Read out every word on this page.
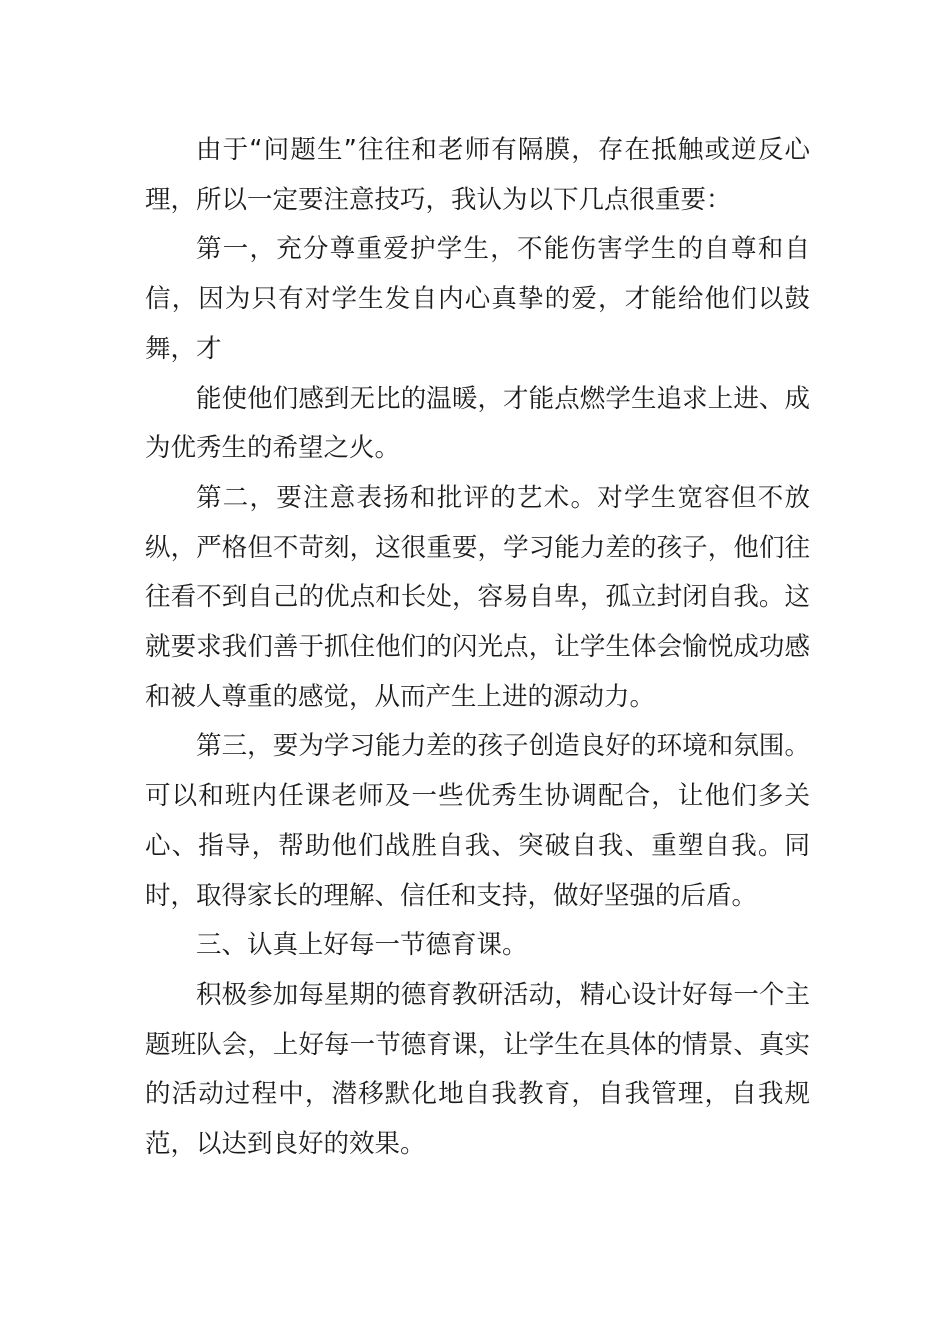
由于“问题生”往往和老师有隔膜，存在抵触或逆反心理，所以一定要注意技巧，我认为以下几点很重要：

第一，充分尊重爱护学生，不能伤害学生的自尊和自信，因为只有对学生发自内心真挚的爱，才能给他们以鼓舞，才

能使他们感到无比的温暖，才能点燃学生追求上进、成为优秀生的希望之火。

第二，要注意表扬和批评的艺术。对学生宽容但不放纵，严格但不苛刻，这很重要，学习能力差的孩子，他们往往看不到自己的优点和长处，容易自卑，孤立封闭自我。这就要求我们善于抓住他们的闪光点，让学生体会愉悦成功感和被人尊重的感觉，从而产生上进的源动力。

第三，要为学习能力差的孩子创造良好的环境和氛围。可以和班内任课老师及一些优秀生协调配合，让他们多关心、指导，帮助他们战胜自我、突破自我、重塑自我。同时，取得家长的理解、信任和支持，做好坚强的后盾。

三、认真上好每一节德育课。

积极参加每星期的德育教研活动，精心设计好每一个主题班队会，上好每一节德育课，让学生在具体的情景、真实的活动过程中，潜移默化地自我教育，自我管理，自我规范，以达到良好的效果。
